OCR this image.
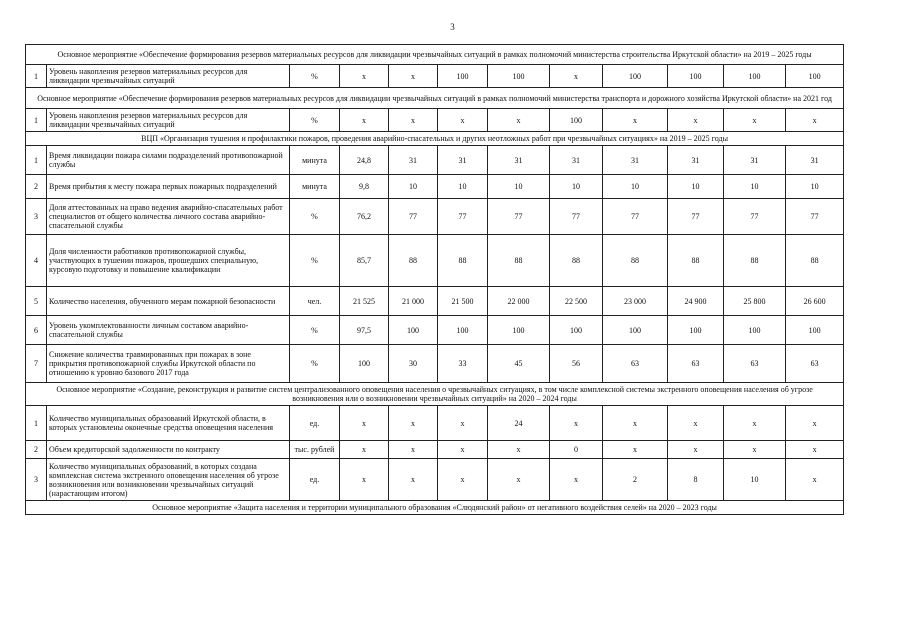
3
Основное мероприятие «Обеспечение формирования резервов материальных ресурсов для ликвидации чрезвычайных ситуаций в рамках полномочий министерства строительства Иркутской области» на 2019 – 2025 годы											
1	Уровень накопления резервов материальных ресурсов для ликвидации чрезвычайных ситуаций	%	х	х	100	100	х	100	100	100	100
Основное мероприятие «Обеспечение формирования резервов материальных ресурсов для ликвидации чрезвычайных ситуаций в рамках полномочий министерства транспорта и дорожного хозяйства Иркутской области» на 2021 год											
1	Уровень накопления резервов материальных ресурсов для ликвидации чрезвычайных ситуаций	%	х	х	х	х	100	х	х	х	х
ВЦП «Организация тушения и профилактики пожаров, проведения аварийно-спасательных и других неотложных работ при чрезвычайных ситуациях» на 2019 – 2025 годы											
1	Время ликвидации пожара силами подразделений противопожарной службы	минута	24,8	31	31	31	31	31	31	31	31
2	Время прибытия к месту пожара первых пожарных подразделений	минута	9,8	10	10	10	10	10	10	10	10
3	Доля аттестованных на право ведения аварийно-спасательных работ специалистов от общего количества личного состава аварийно-спасательной службы	%	76,2	77	77	77	77	77	77	77	77
4	Доля численности работников противопожарной службы, участвующих в тушении пожаров, прошедших специальную, курсовую подготовку и повышение квалификации	%	85,7	88	88	88	88	88	88	88	88
5	Количество населения, обученного мерам пожарной безопасности	чел.	21 525	21 000	21 500	22 000	22 500	23 000	24 900	25 800	26 600
6	Уровень укомплектованности личным составом аварийно-спасательной службы	%	97,5	100	100	100	100	100	100	100	100
7	Снижение количества травмированных при пожарах в зоне прикрытия противопожарной службы Иркутской области по отношению к уровню базового 2017 года	%	100	30	33	45	56	63	63	63	63
Основное мероприятие «Создание, реконструкция и развитие систем централизованного оповещения населения о чрезвычайных ситуациях, в том числе комплексной системы экстренного оповещения населения об угрозе возникновения или о возникновении чрезвычайных ситуаций» на 2020 – 2024 годы											
1	Количество муниципальных образований Иркутской области, в которых установлены оконечные средства оповещения населения	ед.	х	х	х	24	х	х	х	х	х
2	Объем кредиторской задолженности по контракту	тыс. рублей	х	х	х	х	0	х	х	х	х
3	Количество муниципальных образований, в которых создана комплексная система экстренного оповещения населения об угрозе возникновения или возникновении чрезвычайных ситуаций (нарастающим итогом)	ед.	х	х	х	х	х	2	8	10	х
Основное мероприятие «Защита населения и территории муниципального образования «Слюдянский район» от негативного воздействия селей» на 2020 – 2023 годы											
